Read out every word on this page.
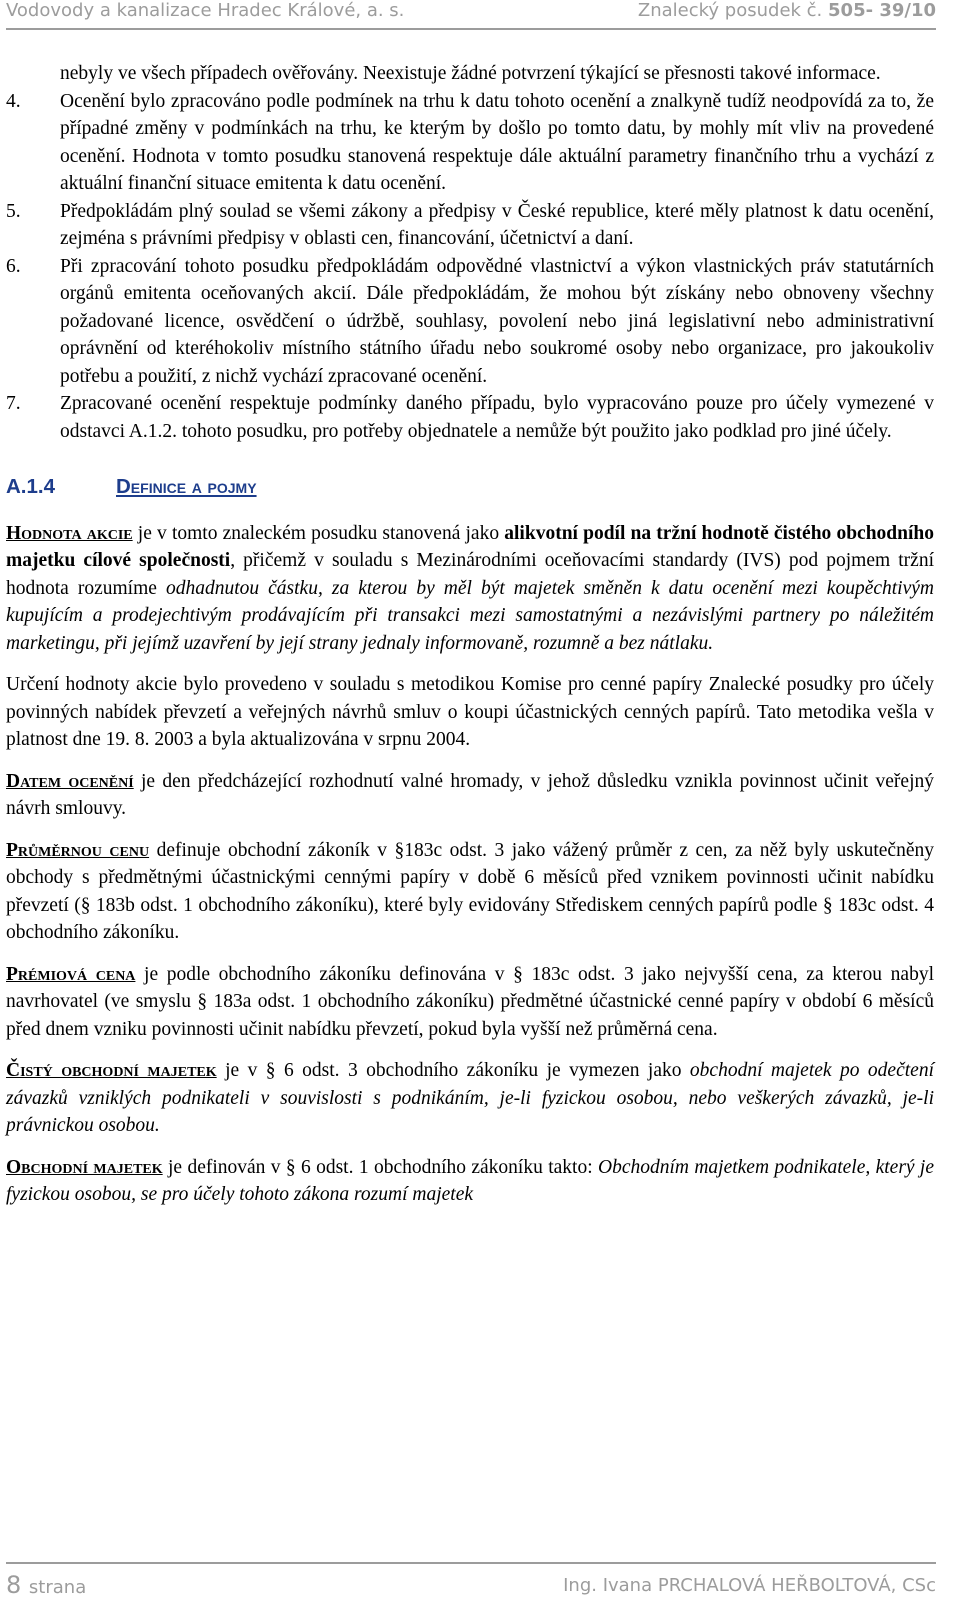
Vodovody a kanalizace Hradec Králové, a. s.	Znalecký posudek č. 505- 39/10

nebyly ve všech případech ověřovány. Neexistuje žádné potvrzení týkající se přesnosti takové informace.

4.	Ocenění bylo zpracováno podle podmínek na trhu k datu tohoto ocenění a znalkyně tudíž neodpovídá za to, že případné změny v podmínkách na trhu, ke kterým by došlo po tomto datu, by mohly mít vliv na provedené ocenění. Hodnota v tomto posudku stanovená respektuje dále aktuální parametry finančního trhu a vychází z aktuální finanční situace emitenta k datu ocenění.
5.	Předpokládám plný soulad se všemi zákony a předpisy v České republice, které měly platnost k datu ocenění, zejména s právními předpisy v oblasti cen, financování, účetnictví a daní.
6.	Při zpracování tohoto posudku předpokládám odpovědné vlastnictví a výkon vlastnických práv statutárních orgánů emitenta oceňovaných akcií. Dále předpokládám, že mohou být získány nebo obnoveny všechny požadované licence, osvědčení o údržbě, souhlasy, povolení nebo jiná legislativní nebo administrativní oprávnění od kteréhokoliv místního státního úřadu nebo soukromé osoby nebo organizace, pro jakoukoliv potřebu a použití, z nichž vychází zpracované ocenění.
7.	Zpracované ocenění respektuje podmínky daného případu, bylo vypracováno pouze pro účely vymezené v odstavci A.1.2. tohoto posudku, pro potřeby objednatele a nemůže být použito jako podklad pro jiné účely.
A.1.4	Definice a pojmy

Hodnota akcie je v tomto znaleckém posudku stanovená jako alikvotní podíl na tržní hodnotě čistého obchodního majetku cílové společnosti, přičemž v souladu s Mezinárodními oceňovacími standardy (IVS) pod pojmem tržní hodnota rozumíme odhadnutou částku, za kterou by měl být majetek směněn k datu ocenění mezi koupěchtivým kupujícím a prodejechtivým prodávajícím při transakci mezi samostatnými a nezávislými partnery po náležitém marketingu, při jejímž uzavření by její strany jednaly informovaně, rozumně a bez nátlaku.

Určení hodnoty akcie bylo provedeno v souladu s metodikou Komise pro cenné papíry Znalecké posudky pro účely povinných nabídek převzetí a veřejných návrhů smluv o koupi účastnických cenných papírů. Tato metodika vešla v platnost dne 19. 8. 2003 a byla aktualizována v srpnu 2004.

Datem ocenění je den předcházející rozhodnutí valné hromady, v jehož důsledku vznikla povinnost učinit veřejný návrh smlouvy.

Průměrnou cenu definuje obchodní zákoník v §183c odst. 3 jako vážený průměr z cen, za něž byly uskutečněny obchody s předmětnými účastnickými cennými papíry v době 6 měsíců před vznikem povinnosti učinit nabídku převzetí (§ 183b odst. 1 obchodního zákoníku), které byly evidovány Střediskem cenných papírů podle § 183c odst. 4 obchodního zákoníku.

Prémiová cena je podle obchodního zákoníku definována v § 183c odst. 3 jako nejvyšší cena, za kterou nabyl navrhovatel (ve smyslu § 183a odst. 1 obchodního zákoníku) předmětné účastnické cenné papíry v období 6 měsíců před dnem vzniku povinnosti učinit nabídku převzetí, pokud byla vyšší než průměrná cena.

Čistý obchodní majetek je v § 6 odst. 3 obchodního zákoníku je vymezen jako obchodní majetek po odečtení závazků vzniklých podnikateli v souvislosti s podnikáním, je-li fyzickou osobou, nebo veškerých závazků, je-li právnickou osobou.

Obchodní majetek je definován v § 6 odst. 1 obchodního zákoníku takto: Obchodním majetkem podnikatele, který je fyzickou osobou, se pro účely tohoto zákona rozumí majetek

8 strana	Ing. Ivana PRCHALOVÁ HEŘBOLTOVÁ, CSc
